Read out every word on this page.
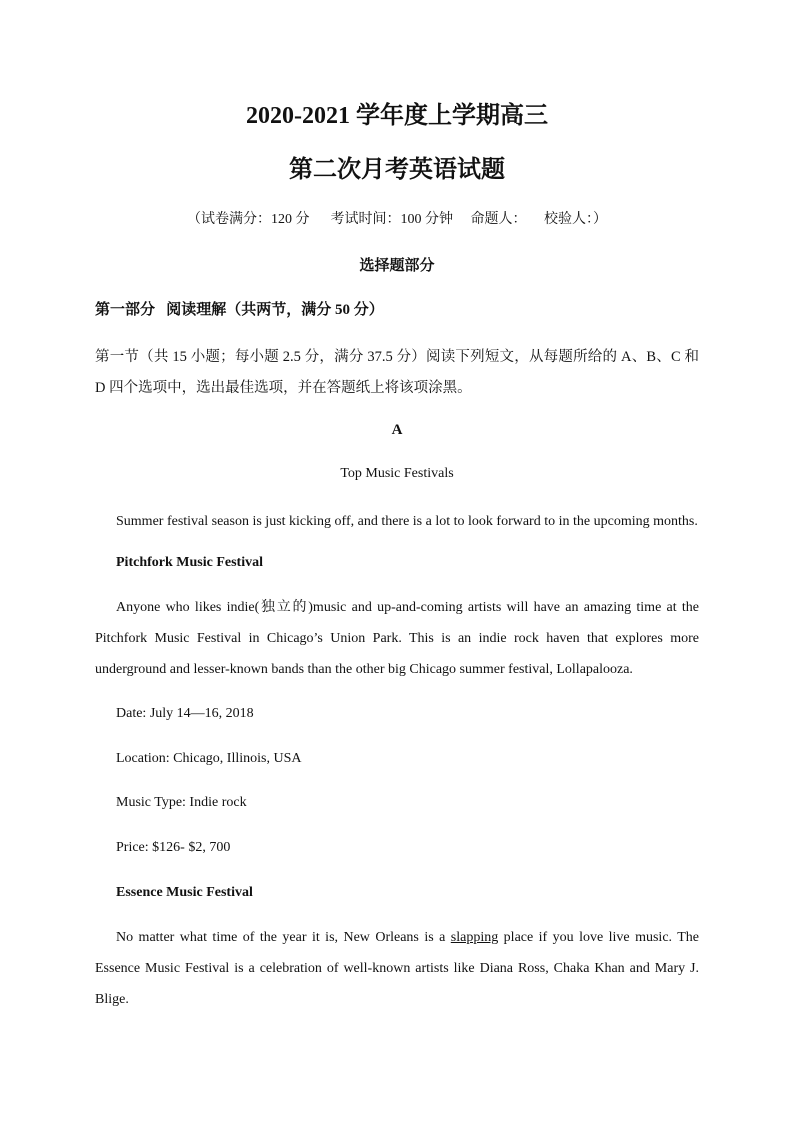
2020-2021 学年度上学期高三
第二次月考英语试题
（试卷满分：120 分      考试时间：100 分钟     命题人：     校验人：）
选择题部分
第一部分   阅读理解（共两节，满分 50 分）

第一节（共 15 小题；每小题 2.5 分，满分 37.5 分）阅读下列短文，从每题所给的 A、B、C 和 D 四个选项中，选出最佳选项，并在答题纸上将该项涂黑。

A
Top Music Festivals

Summer festival season is just kicking off, and there is a lot to look forward to in the upcoming months.

Pitchfork Music Festival

Anyone who likes indie(独立的)music and up-and-coming artists will have an amazing time at the Pitchfork Music Festival in Chicago’s Union Park. This is an indie rock haven that explores more underground and lesser-known bands than the other big Chicago summer festival, Lollapalooza.

Date: July 14—16, 2018
Location: Chicago, Illinois, USA
Music Type: Indie rock
Price: $126- $2, 700
Essence Music Festival

No matter what time of the year it is, New Orleans is a slapping place if you love live music. The Essence Music Festival is a celebration of well-known artists like Diana Ross, Chaka Khan and Mary J. Blige.
